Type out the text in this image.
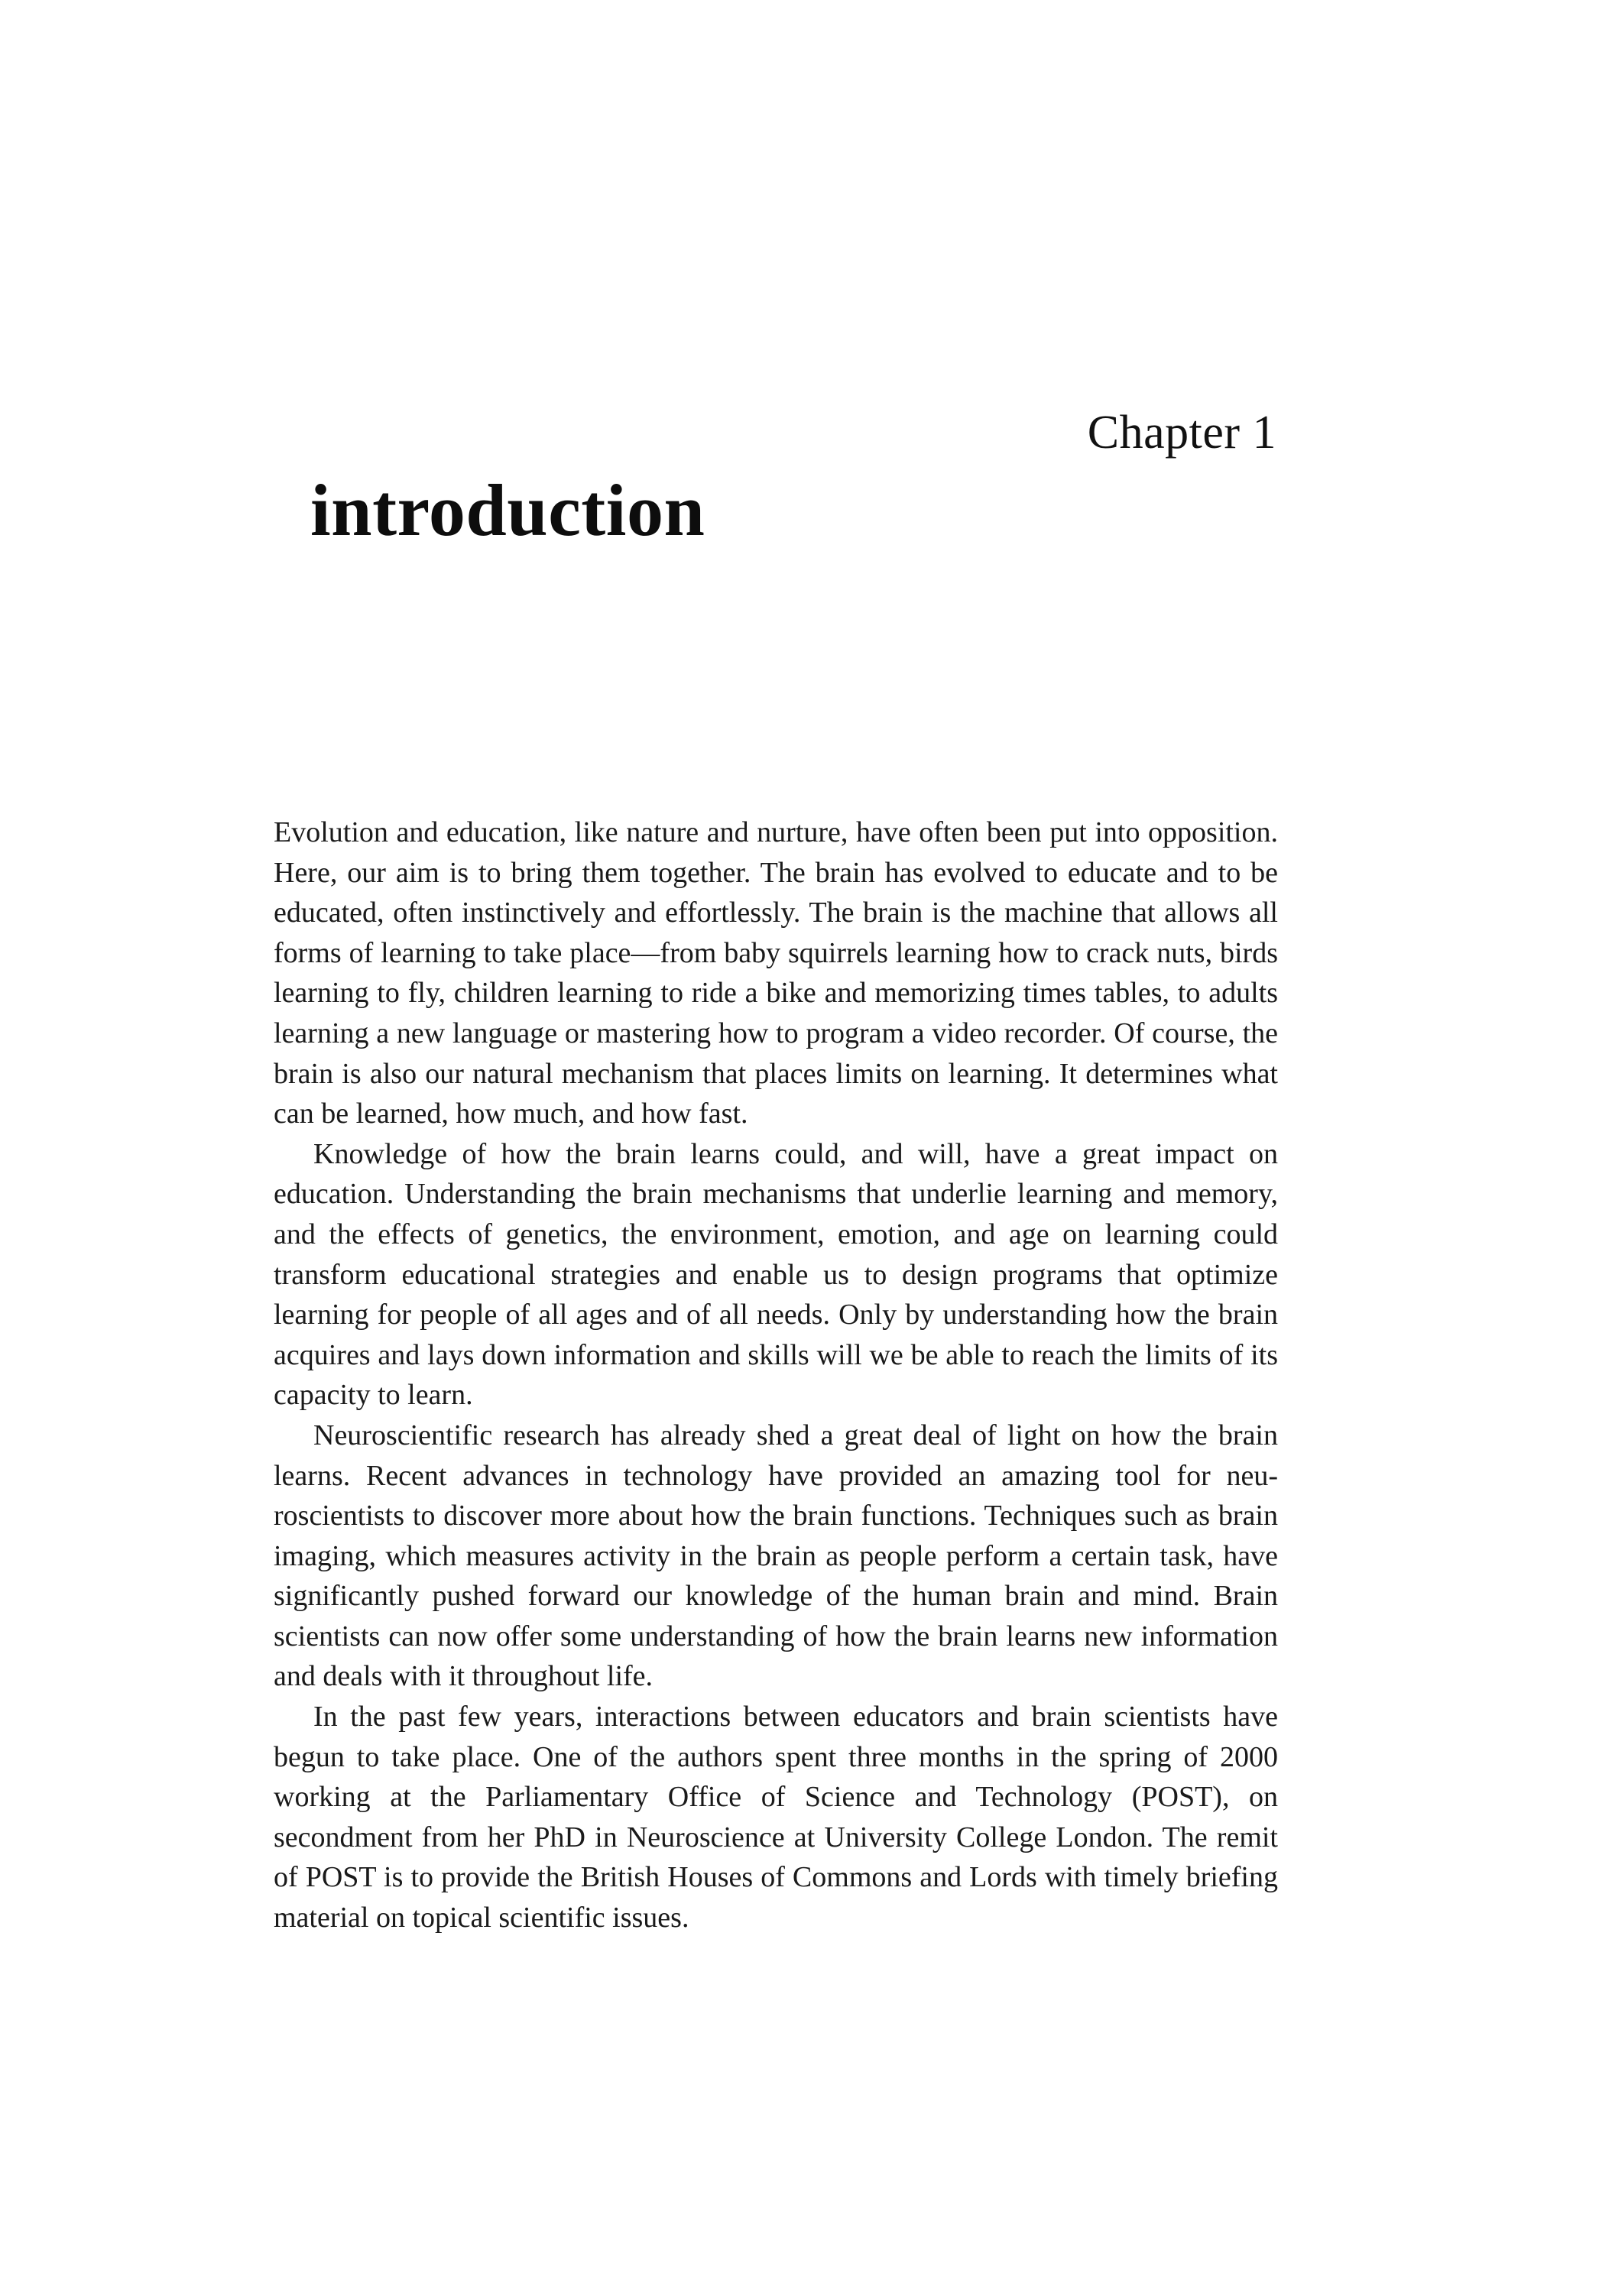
Chapter 1
introduction

Evolution and education, like nature and nurture, have often been put into opposition. Here, our aim is to bring them together. The brain has evolved to educate and to be educated, often instinctively and effortlessly. The brain is the machine that allows all forms of learning to take place—from baby squirrels learning how to crack nuts, birds learning to fly, children learning to ride a bike and memorizing times tables, to adults learning a new language or mastering how to program a video recorder. Of course, the brain is also our natural mechanism that places limits on learning. It determines what can be learned, how much, and how fast.

Knowledge of how the brain learns could, and will, have a great impact on education. Understanding the brain mechanisms that underlie learning and memory, and the effects of genetics, the environment, emotion, and age on learning could transform educational strategies and enable us to design programs that optimize learning for people of all ages and of all needs. Only by understanding how the brain acquires and lays down information and skills will we be able to reach the limits of its capacity to learn.

Neuroscientific research has already shed a great deal of light on how the brain learns. Recent advances in technology have provided an amazing tool for neuroscientists to discover more about how the brain functions. Techniques such as brain imaging, which measures activity in the brain as people perform a certain task, have significantly pushed forward our knowledge of the human brain and mind. Brain scientists can now offer some understanding of how the brain learns new information and deals with it throughout life.

In the past few years, interactions between educators and brain scientists have begun to take place. One of the authors spent three months in the spring of 2000 working at the Parliamentary Office of Science and Technology (POST), on secondment from her PhD in Neuroscience at University College London. The remit of POST is to provide the British Houses of Commons and Lords with timely briefing material on topical scientific issues.
